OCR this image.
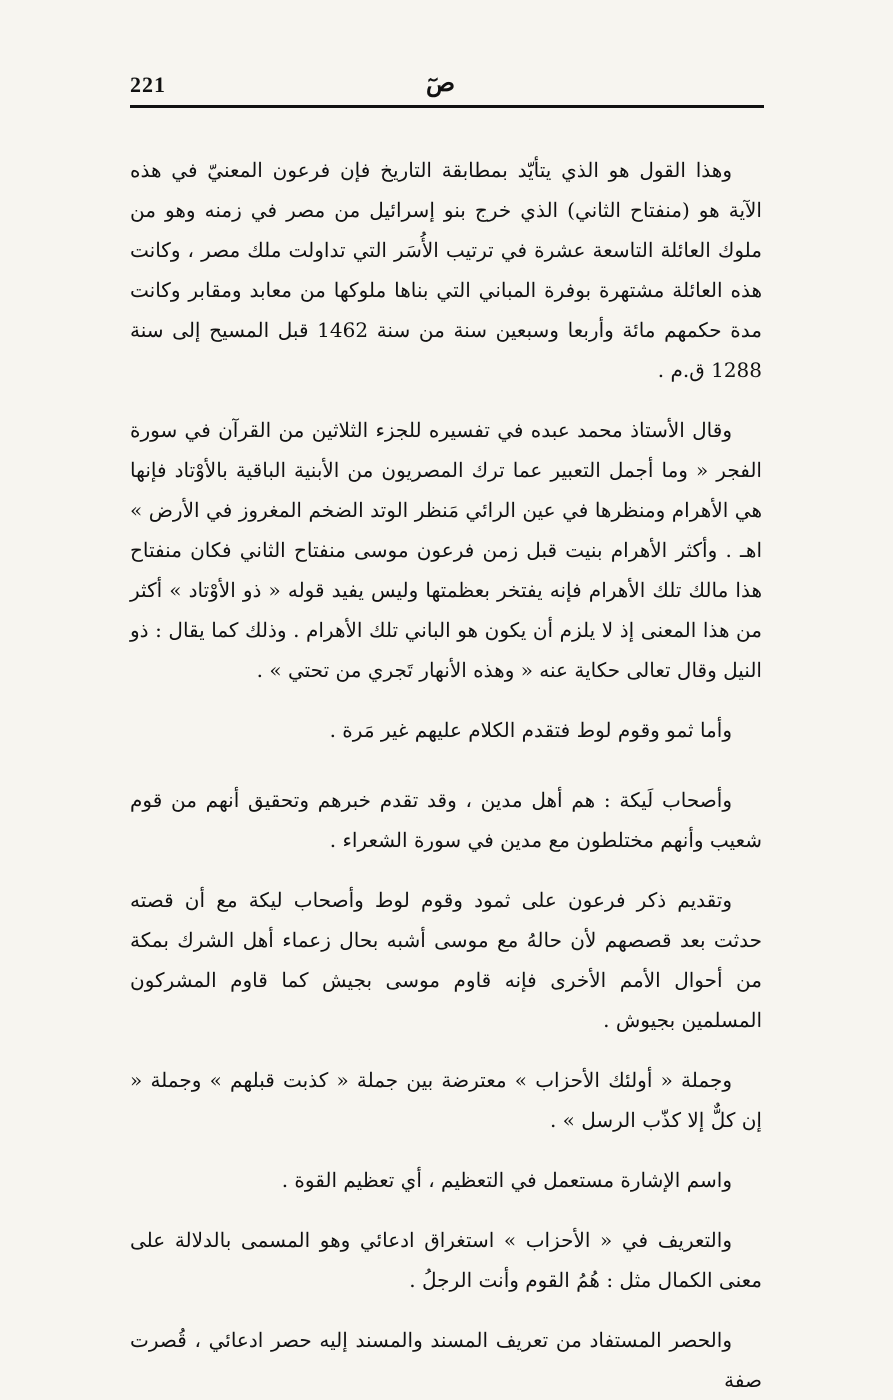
221	صٓ

وهذا القول هو الذي يتأيّد بمطابقة التاريخ فإن فرعون المعنيّ في هذه الآية هو (منفتاح الثاني) الذي خرج بنو إسرائيل من مصر في زمنه وهو من ملوك العائلة التاسعة عشرة في ترتيب الأُسَر التي تداولت ملك مصر ، وكانت هذه العائلة مشتهرة بوفرة المباني التي بناها ملوكها من معابد ومقابر وكانت مدة حكمهم مائة وأربعا وسبعين سنة من سنة 1462 قبل المسيح إلى سنة 1288 ق.م .

وقال الأستاذ محمد عبده في تفسيره للجزء الثلاثين من القرآن في سورة الفجر « وما أجمل التعبير عما ترك المصريون من الأبنية الباقية بالأوْتاد فإنها هي الأهرام ومنظرها في عين الرائي مَنظر الوتد الضخم المغروز في الأرض » اهـ . وأكثر الأهرام بنيت قبل زمن فرعون موسى منفتاح الثاني فكان منفتاح هذا مالك تلك الأهرام فإنه يفتخر بعظمتها وليس يفيد قوله « ذو الأوْتاد » أكثر من هذا المعنى إذ لا يلزم أن يكون هو الباني تلك الأهرام . وذلك كما يقال : ذو النيل وقال تعالى حكاية عنه « وهذه الأنهار تَجري من تحتي » .

وأما ثمو وقوم لوط فتقدم الكلام عليهم غير مَرة .

وأصحاب لَيكة : هم أهل مدين ، وقد تقدم خبرهم وتحقيق أنهم من قوم شعيب وأنهم مختلطون مع مدين في سورة الشعراء .

وتقديم ذكر فرعون على ثمود وقوم لوط وأصحاب ليكة مع أن قصته حدثت بعد قصصهم لأن حالهُ مع موسى أشبه بحال زعماء أهل الشرك بمكة من أحوال الأمم الأخرى فإنه قاوم موسى بجيش كما قاوم المشركون المسلمين بجيوش .

وجملة « أولئك الأحزاب » معترضة بين جملة « كذبت قبلهم » وجملة « إن كلٌّ إلا كذّب الرسل » .

واسم الإشارة مستعمل في التعظيم ، أي تعظيم القوة .

والتعريف في « الأحزاب » استغراق ادعائي وهو المسمى بالدلالة على معنى الكمال مثل : هُمُ القوم وأنت الرجلُ .

والحصر المستفاد من تعريف المسند والمسند إليه حصر ادعائي ، قُصرت صفة
